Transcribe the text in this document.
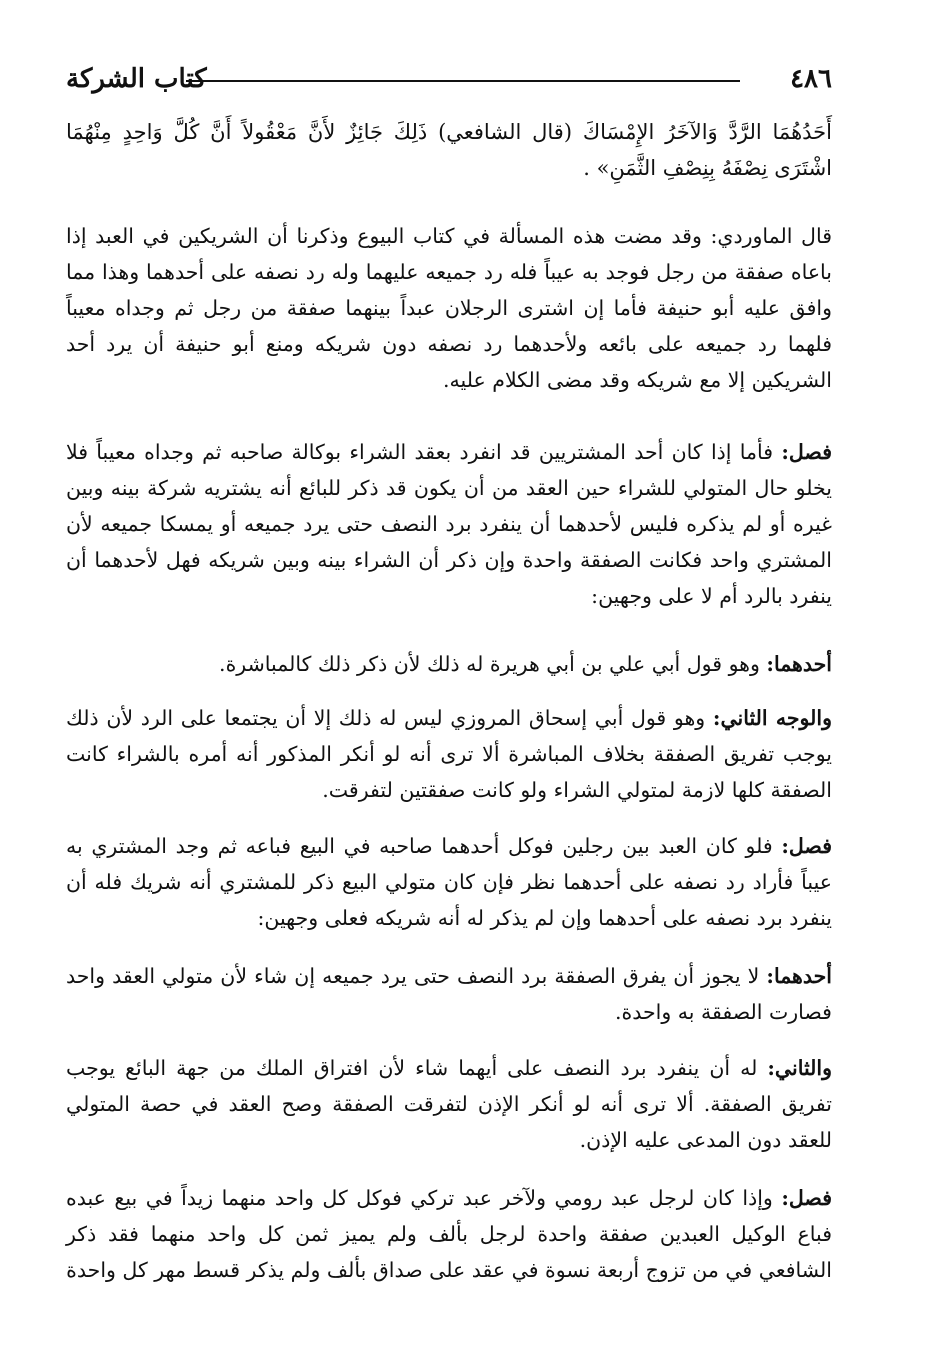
٤٨٦
كتاب الشركة

أَحَدُهُمَا الرَّدَّ وَالآخَرُ الإِمْسَاكَ (قال الشافعي) ذَلِكَ جَائِزٌ لأَنَّ مَعْقُولاً أَنَّ كُلَّ وَاحِدٍ مِنْهُمَا اشْتَرَى نِصْفَهُ بِنِصْفِ الثَّمَنِ» .

قال الماوردي: وقد مضت هذه المسألة في كتاب البيوع وذكرنا أن الشريكين في العبد إذا باعاه صفقة من رجل فوجد به عيباً فله رد جميعه عليهما وله رد نصفه على أحدهما وهذا مما وافق عليه أبو حنيفة فأما إن اشترى الرجلان عبداً بينهما صفقة من رجل ثم وجداه معيباً فلهما رد جميعه على بائعه ولأحدهما رد نصفه دون شريكه ومنع أبو حنيفة أن يرد أحد الشريكين إلا مع شريكه وقد مضى الكلام عليه.

فصل: فأما إذا كان أحد المشتريين قد انفرد بعقد الشراء بوكالة صاحبه ثم وجداه معيباً فلا يخلو حال المتولي للشراء حين العقد من أن يكون قد ذكر للبائع أنه يشتريه شركة بينه وبين غيره أو لم يذكره فليس لأحدهما أن ينفرد برد النصف حتى يرد جميعه أو يمسكا جميعه لأن المشتري واحد فكانت الصفقة واحدة وإن ذكر أن الشراء بينه وبين شريكه فهل لأحدهما أن ينفرد بالرد أم لا على وجهين:

أحدهما: وهو قول أبي علي بن أبي هريرة له ذلك لأن ذكر ذلك كالمباشرة.

والوجه الثاني: وهو قول أبي إسحاق المروزي ليس له ذلك إلا أن يجتمعا على الرد لأن ذلك يوجب تفريق الصفقة بخلاف المباشرة ألا ترى أنه لو أنكر المذكور أنه أمره بالشراء كانت الصفقة كلها لازمة لمتولي الشراء ولو كانت صفقتين لتفرقت.

فصل: فلو كان العبد بين رجلين فوكل أحدهما صاحبه في البيع فباعه ثم وجد المشتري به عيباً فأراد رد نصفه على أحدهما نظر فإن كان متولي البيع ذكر للمشتري أنه شريك فله أن ينفرد برد نصفه على أحدهما وإن لم يذكر له أنه شريكه فعلى وجهين:

أحدهما: لا يجوز أن يفرق الصفقة برد النصف حتى يرد جميعه إن شاء لأن متولي العقد واحد فصارت الصفقة به واحدة.

والثاني: له أن ينفرد برد النصف على أيهما شاء لأن افتراق الملك من جهة البائع يوجب تفريق الصفقة. ألا ترى أنه لو أنكر الإذن لتفرقت الصفقة وصح العقد في حصة المتولي للعقد دون المدعى عليه الإذن.

فصل: وإذا كان لرجل عبد رومي ولآخر عبد تركي فوكل كل واحد منهما زيداً في بيع عبده فباع الوكيل العبدين صفقة واحدة لرجل بألف ولم يميز ثمن كل واحد منهما فقد ذكر الشافعي في من تزوج أربعة نسوة في عقد على صداق بألف ولم يذكر قسط مهر كل واحدة
